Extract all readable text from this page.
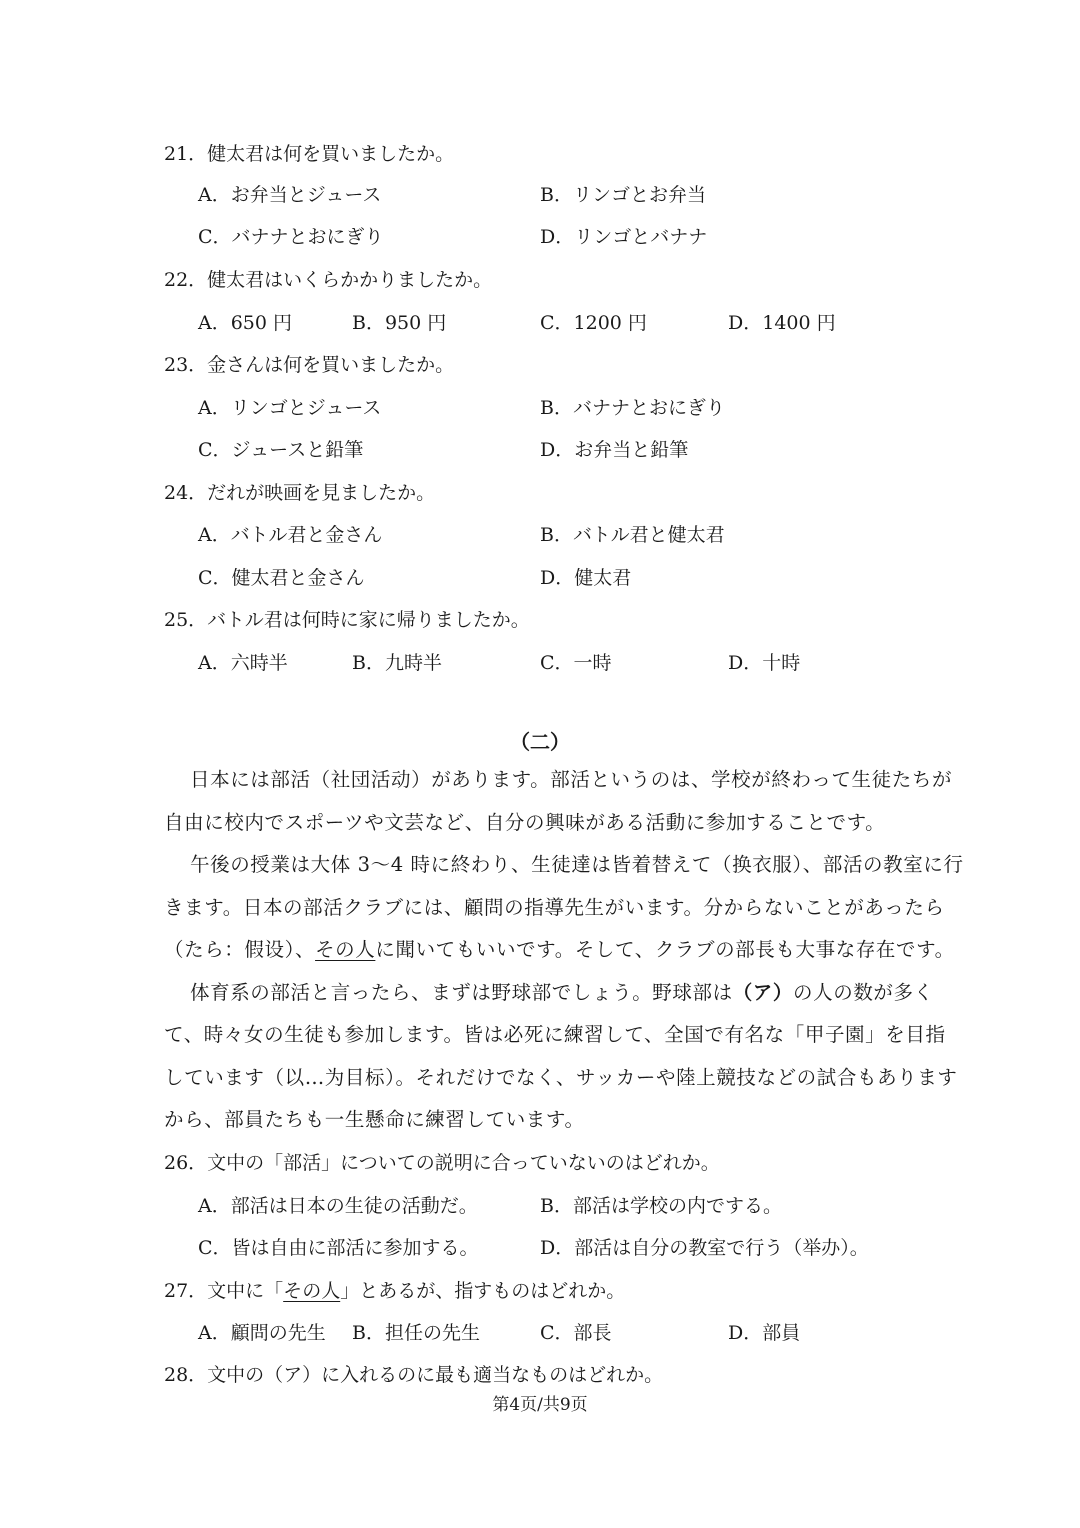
21．健太君は何を買いましたか。
A．お弁当とジュース	B．リンゴとお弁当
C．バナナとおにぎり	D．リンゴとバナナ
22．健太君はいくらかかりましたか。
A．650 円	B．950 円	C．1200 円	D．1400 円
23．金さんは何を買いましたか。
A．リンゴとジュース	B．バナナとおにぎり
C．ジュースと鉛筆	D．お弁当と鉛筆
24．だれが映画を見ましたか。
A．バトル君と金さん	B．バトル君と健太君
C．健太君と金さん	D．健太君
25．バトル君は何時に家に帰りましたか。
A．六時半	B．九時半	C．一時	D．十時
（二）
日本には部活（社団活动）があります。部活というのは、学校が終わって生徒たちが
自由に校内でスポーツや文芸など、自分の興味がある活動に参加することです。
午後の授業は大体 3～4 時に終わり、生徒達は皆着替えて（换衣服）、部活の教室に行
きます。日本の部活クラブには、顧問の指導先生がいます。分からないことがあったら
（たら：假设）、その人に聞いてもいいです。そして、クラブの部長も大事な存在です。
体育系の部活と言ったら、まずは野球部でしょう。野球部は（ア）の人の数が多く
て、時々女の生徒も参加します。皆は必死に練習して、全国で有名な「甲子園」を目指
しています（以…为目标）。それだけでなく、サッカーや陸上競技などの試合もあります
から、部員たちも一生懸命に練習しています。
26．文中の「部活」についての説明に合っていないのはどれか。
A．部活は日本の生徒の活動だ。	B．部活は学校の内でする。
C．皆は自由に部活に参加する。	D．部活は自分の教室で行う（举办）。
27．文中に「その人」とあるが、指すものはどれか。
A．顧問の先生 B．担任の先生	C．部長	D．部員
28．文中の（ア）に入れるのに最も適当なものはどれか。
第4页/共9页
